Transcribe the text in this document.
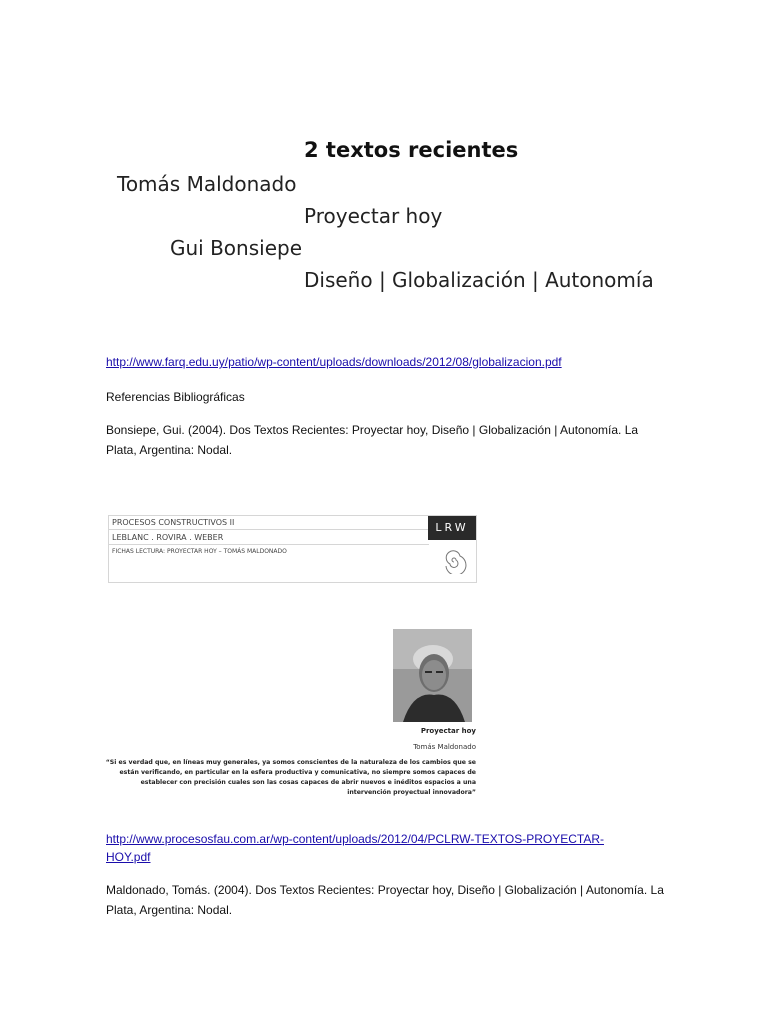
2 textos recientes
Tomás Maldonado
Proyectar hoy
Gui Bonsiepe
Diseño | Globalización | Autonomía
http://www.farq.edu.uy/patio/wp-content/uploads/downloads/2012/08/globalizacion.pdf
Referencias Bibliográficas
Bonsiepe, Gui. (2004). Dos Textos Recientes: Proyectar hoy, Diseño | Globalización | Autonomía. La Plata, Argentina: Nodal.
PROCESOS CONSTRUCTIVOS II
LEBLANC . ROVIRA . WEBER
FICHAS LECTURA: PROYECTAR HOY – TOMÁS MALDONADO
LRW
Proyectar hoy
Tomás Maldonado
“Si es verdad que, en líneas muy generales, ya somos conscientes de la naturaleza de los cambios que se están verificando, en particular en la esfera productiva y comunicativa, no siempre somos capaces de establecer con precisión cuales son las cosas capaces de abrir nuevos e inéditos espacios a una intervención proyectual innovadora”
http://www.procesosfau.com.ar/wp-content/uploads/2012/04/PCLRW-TEXTOS-PROYECTAR-HOY.pdf
Maldonado, Tomás. (2004). Dos Textos Recientes: Proyectar hoy, Diseño | Globalización | Autonomía. La Plata, Argentina: Nodal.
